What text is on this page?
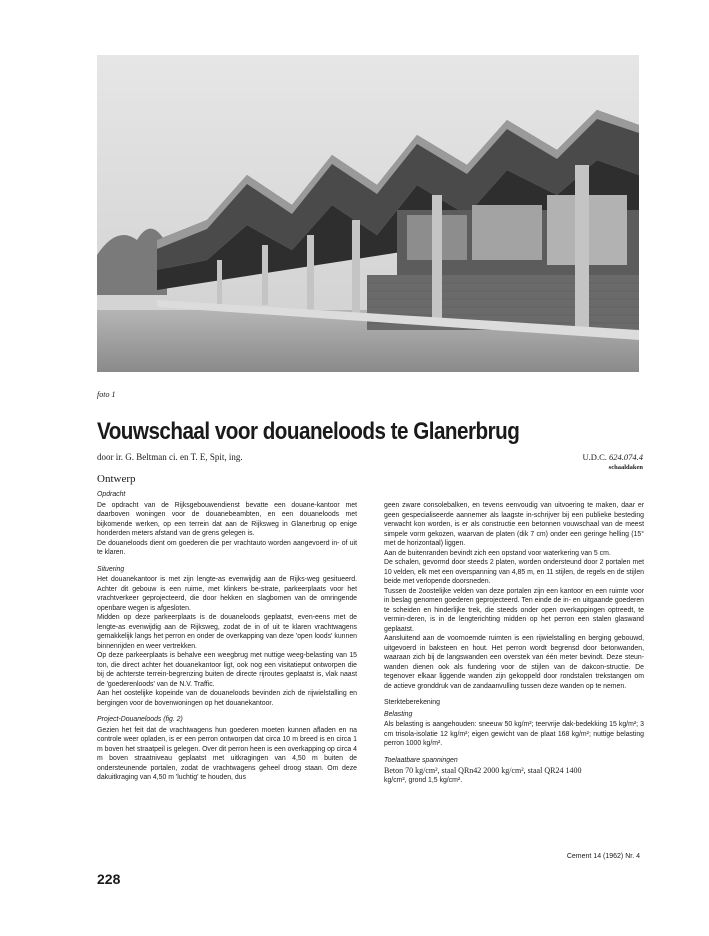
foto 1
Vouwschaal voor douaneloods te Glanerbrug
door ir. G. Beltman ci. en T. E, Spit, ing.	U.D.C. 624.074.4
schaaldaken
Ontwerp

Opdracht

De opdracht van de Rijksgebouwendienst bevatte een douane-kantoor met daarboven woningen voor de douanebeambten, en een douaneloods met bijkomende werken, op een terrein dat aan de Rijksweg in Glanerbrug op enige honderden meters afstand van de grens gelegen is.

De douaneloods dient om goederen die per vrachtauto worden aangevoerd in- of uit te klaren.

Situering

Het douanekantoor is met zijn lengte-as evenwijdig aan de Rijks-weg gesitueerd. Achter dit gebouw is een ruime, met klinkers be-strate, parkeerplaats voor het vrachtverkeer geprojecteerd, die door hekken en slagbomen van de omringende openbare wegen is afgesloten.

Midden op deze parkeerplaats is de douaneloods geplaatst, even-eens met de lengte-as evenwijdig aan de Rijksweg, zodat de in of uit te klaren vrachtwagens gemakkelijk langs het perron en onder de overkapping van deze 'open loods' kunnen binnenrijden en weer vertrekken.

Op deze parkeerplaats is behalve een weegbrug met nuttige weeg-belasting van 15 ton, die direct achter het douanekantoor ligt, ook nog een visitatieput ontworpen die bij de achterste terrein-begrenzing buiten de directe rijroutes geplaatst is, vlak naast de 'goederenloods' van de N.V. Traffic.

Aan het oostelijke kopeinde van de douaneloods bevinden zich de rijwielstalling en bergingen voor de bovenwoningen op het douanekantoor.

Project-Douaneloods (fig. 2)

Gezien het feit dat de vrachtwagens hun goederen moeten kunnen afladen en na controle weer opladen, is er een perron ontworpen dat circa 10 m breed is en circa 1 m boven het straatpeil is gelegen. Over dit perron heen is een overkapping op circa 4 m boven straatniveau geplaatst met uitkragingen van 4,50 m buiten de ondersteunende portalen, zodat de vrachtwagens geheel droog staan. Om deze dakuitkraging van 4,50 m 'luchtig' te houden, dus

geen zware consolebalken, en tevens eenvoudig van uitvoering te maken, daar er geen gespecialiseerde aannemer als laagste in-schrijver bij een publieke besteding verwacht kon worden, is er als constructie een betonnen vouwschaal van de meest simpele vorm gekozen, waarvan de platen (dik 7 cm) onder een geringe helling (15° met de horizontaal) liggen.

Aan de buitenranden bevindt zich een opstand voor waterkering van 5 cm.

De schalen, gevormd door steeds 2 platen, worden ondersteund door 2 portalen met 10 velden, elk met een overspanning van 4,85 m, en 11 stijlen, de regels en de stijlen beide met verlopende doorsneden.

Tussen de 2oostelijke velden van deze portalen zijn een kantoor en een ruimte voor in beslag genomen goederen geprojecteerd. Ten einde de in- en uitgaande goederen te scheiden en hinderlijke trek, die steeds onder open overkappingen optreedt, te vermin-deren, is in de lengterichting midden op het perron een stalen glaswand geplaatst.

Aansluitend aan de voornoemde ruimten is een rijwielstalling en berging gebouwd, uitgevoerd in baksteen en hout. Het perron wordt begrensd door betonwanden, waaraan zich bij de langswanden een overstek van één meter bevindt. Deze steun-wanden dienen ook als fundering voor de stijlen van de dakcon-structie. De tegenover elkaar liggende wanden zijn gekoppeld door rondstalen trekstangen om de actieve gronddruk van de zandaanvulling tussen deze wanden op te nemen.

Sterkteberekening

Belasting

Als belasting is aangehouden: sneeuw 50 kg/m²; teervrije dak-bedekking 15 kg/m²; 3 cm trisola-isolatie 12 kg/m²; eigen gewicht van de plaat 168 kg/m²; nuttige belasting perron 1000 kg/m².

Toelaatbare spanningen

Beton 70 kg/cm², staal QRn42 2000 kg/cm², staal QR24 1400

kg/cm², grond 1,5 kg/cm².

Cement 14 (1962) Nr. 4
228
